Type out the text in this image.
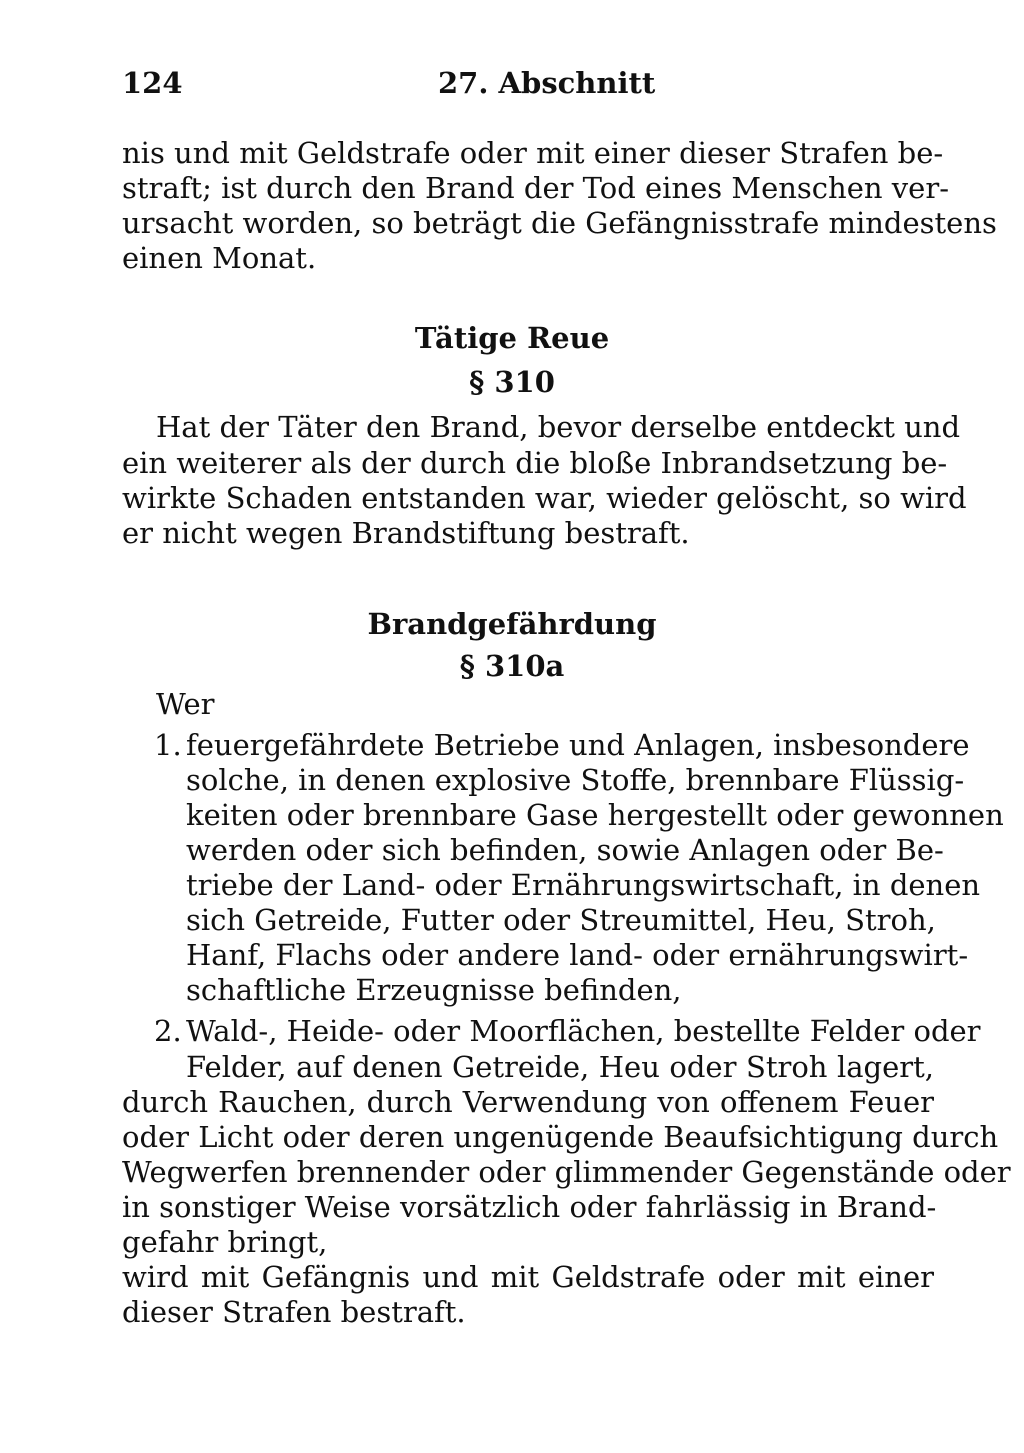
124	27. Abschnitt

nis und mit Geldstrafe oder mit einer dieser Strafen be-

straft; ist durch den Brand der Tod eines Menschen ver-

ursacht worden, so beträgt die Gefängnisstrafe mindestens

einen Monat.

Tätige Reue

§ 310

Hat der Täter den Brand, bevor derselbe entdeckt und

ein weiterer als der durch die bloße Inbrandsetzung be-

wirkte Schaden entstanden war, wieder gelöscht, so wird

er nicht wegen Brandstiftung bestraft.

Brandgefährdung

§ 310a

Wer

1. feuergefährdete Betriebe und Anlagen, insbesondere

solche, in denen explosive Stoffe, brennbare Flüssig-

keiten oder brennbare Gase hergestellt oder gewonnen

werden oder sich befinden, sowie Anlagen oder Be-

triebe der Land- oder Ernährungswirtschaft, in denen

sich Getreide, Futter oder Streumittel, Heu, Stroh,

Hanf, Flachs oder andere land- oder ernährungswirt-

schaftliche Erzeugnisse befinden,

2. Wald-, Heide- oder Moorflächen, bestellte Felder oder

Felder, auf denen Getreide, Heu oder Stroh lagert,

durch Rauchen, durch Verwendung von offenem Feuer

oder Licht oder deren ungenügende Beaufsichtigung durch

Wegwerfen brennender oder glimmender Gegenstände oder

in sonstiger Weise vorsätzlich oder fahrlässig in Brand-

gefahr bringt,

wird mit Gefängnis und mit Geldstrafe oder mit einer

dieser Strafen bestraft.
